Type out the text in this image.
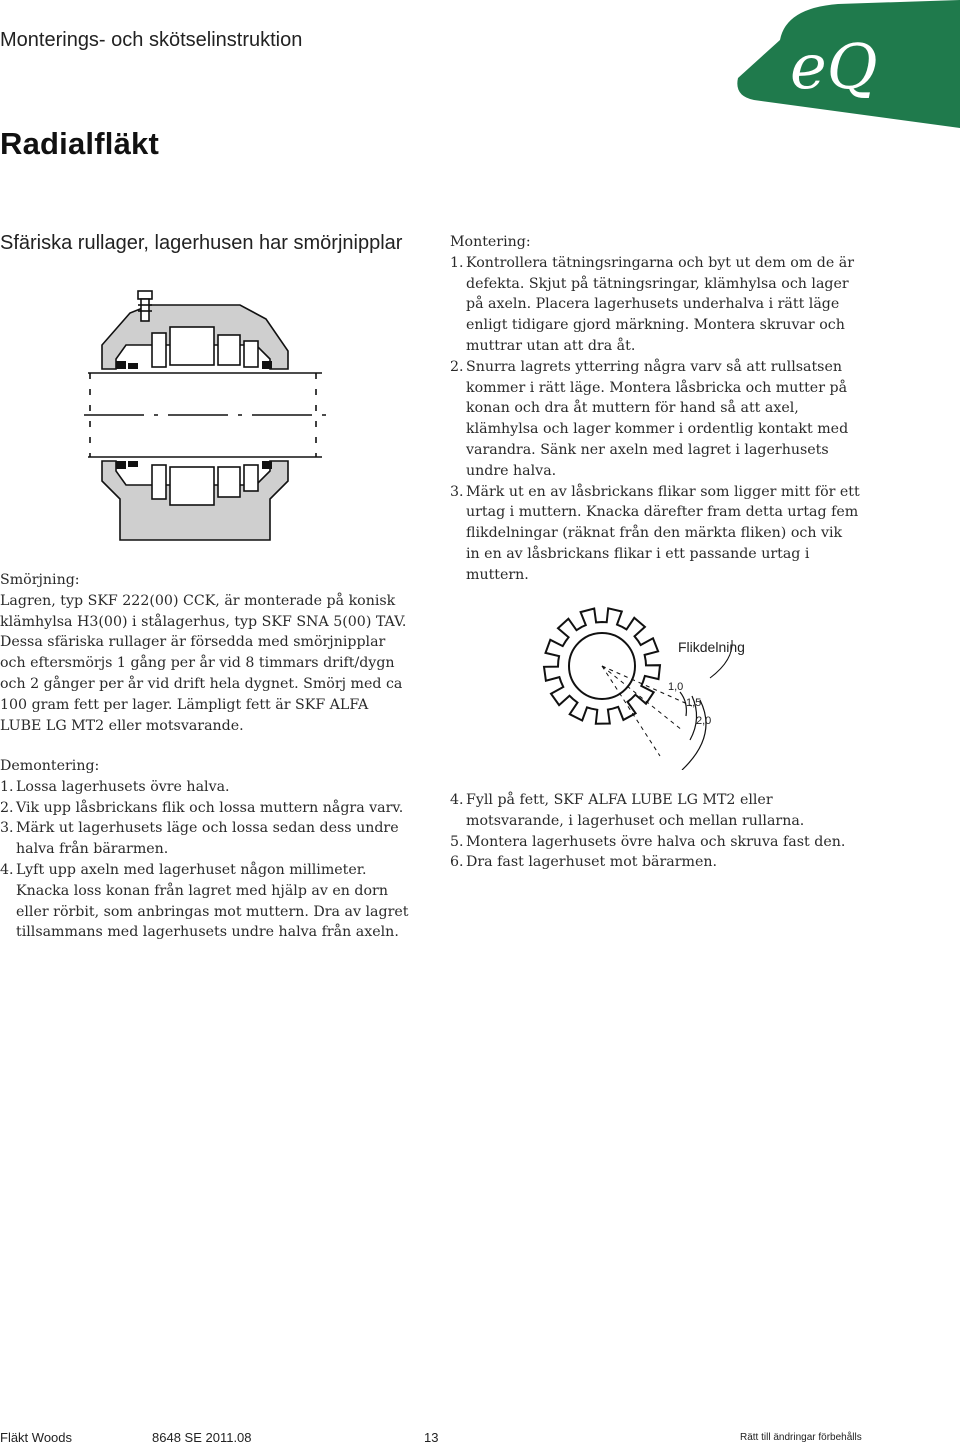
Monterings- och skötselinstruktion	eQ
Radialfläkt
Sfäriska rullager, lagerhusen har smörjnipplar
Smörjning:

Lagren, typ SKF 222(00) CCK, är monterade på konisk klämhylsa H3(00) i stålagerhus, typ SKF SNA 5(00) TAV. Dessa sfäriska rullager är försedda med smörjnipplar och eftersmörjs 1 gång per år vid 8 timmars drift/dygn och 2 gånger per år vid drift hela dygnet. Smörj med ca 100 gram fett per lager. Lämpligt fett är SKF ALFA LUBE LG MT2 eller motsvarande.

Demontering:
1. Lossa lagerhusets övre halva.
2. Vik upp låsbrickans flik och lossa muttern några varv.
3. Märk ut lagerhusets läge och lossa sedan dess undre halva från bärarmen.
4. Lyft upp axeln med lagerhuset någon millimeter. Knacka loss konan från lagret med hjälp av en dorn eller rörbit, som anbringas mot muttern. Dra av lagret tillsammans med lagerhusets undre halva från axeln.
Montering:
1. Kontrollera tätningsringarna och byt ut dem om de är defekta. Skjut på tätningsringar, klämhylsa och lager på axeln. Placera lagerhusets underhalva i rätt läge enligt tidigare gjord märkning. Montera skruvar och muttrar utan att dra åt.
2. Snurra lagrets ytterring några varv så att rullsatsen kommer i rätt läge. Montera låsbricka och mutter på konan och dra åt muttern för hand så att axel, klämhylsa och lager kommer i ordentlig kontakt med varandra. Sänk ner axeln med lagret i lagerhusets undre halva.
3. Märk ut en av låsbrickans flikar som ligger mitt för ett urtag i muttern. Knacka därefter fram detta urtag fem flikdelningar (räknat från den märkta fliken) och vik in en av låsbrickans flikar i ett passande urtag i muttern.
Flikdelning
1,0
1,5
2,0
4. Fyll på fett, SKF ALFA LUBE LG MT2 eller motsvarande, i lagerhuset och mellan rullarna.
5. Montera lagerhusets övre halva och skruva fast den.
6. Dra fast lagerhuset mot bärarmen.
Fläkt Woods	8648 SE 2011.08	13	Rätt till ändringar förbehålls
